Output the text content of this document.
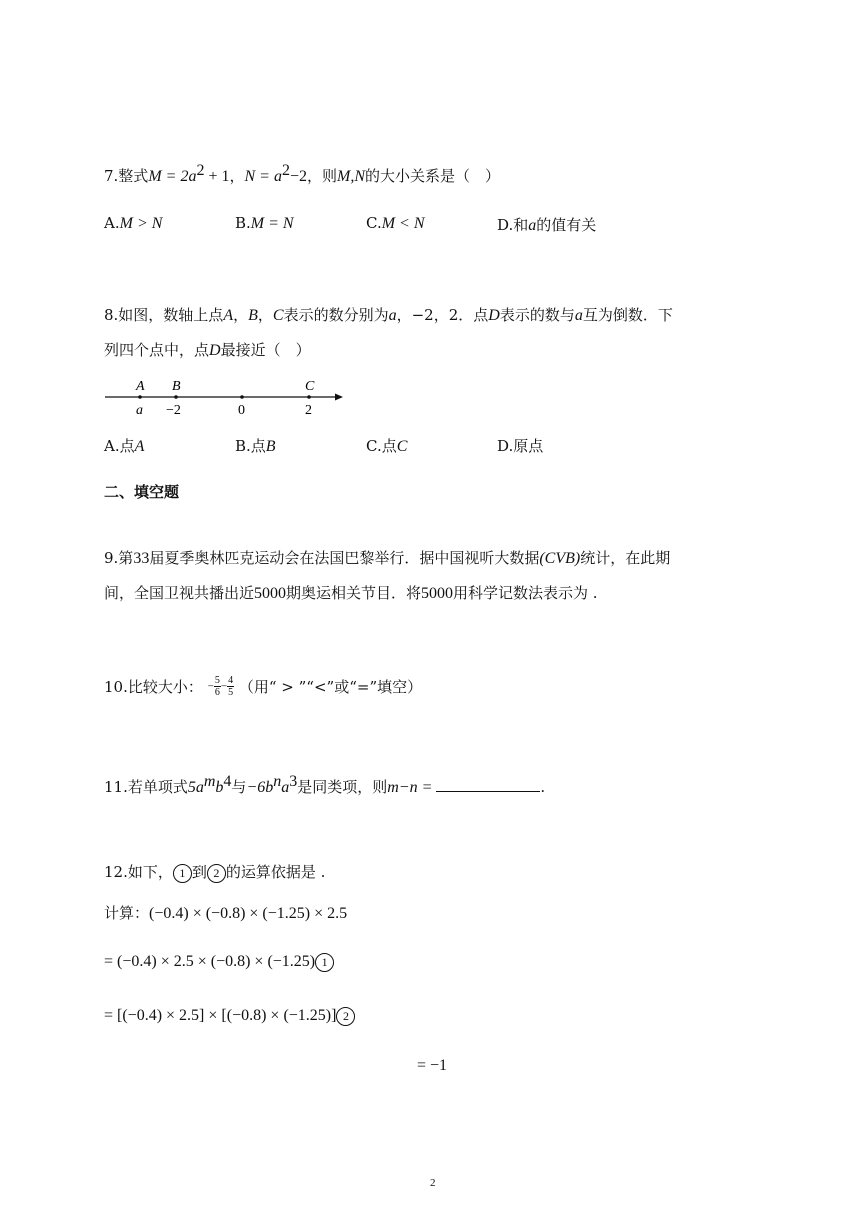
7.整式$M = 2a^2 + 1$，$N = a^2-2$，则M,N的大小关系是（　）
A.M > N	B.M = N	C.M < N	D.和a的值有关
8.如图，数轴上点A，B，C表示的数分别为a，−2，2．点D表示的数与a互为倒数．下
列四个点中，点D最接近（　）
A B	C
a −2	0	2
A.点A	B.点B	C.点C	D.原点
二、填空题
9.第33届夏季奥林匹克运动会在法国巴黎举行．据中国视听大数据(CVB)统计，在此期
间，全国卫视共播出近5000期奥运相关节目．将5000用科学记数法表示为 .
10.比较大小： − $\frac{5}{6} - \frac{4}{5}$ （用“ > ”“<”或“=”填空）
11.若单项式$5a^mb^4$与$-6b^na^3$是同类项，则m−n =	.
12.如下， 1 到 2 的运算依据是 .
计算：(−0.4) × (−0.8) × (−1.25) × 2.5
= (−0.4) × 2.5 × (−0.8) × (−1.25) 1
= [(−0.4) × 2.5] × [(−0.8) × (−1.25)] 2
= −1
2
